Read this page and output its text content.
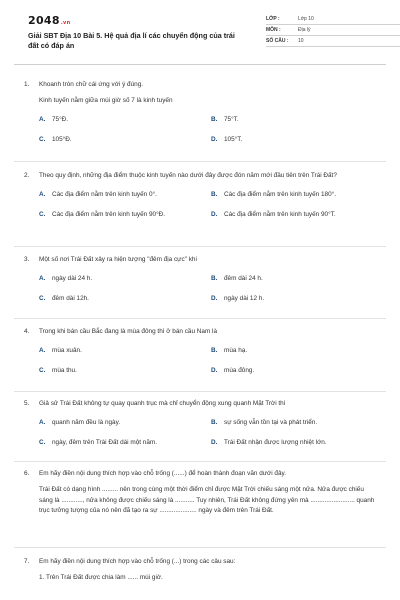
2048.vn
Giải SBT Địa 10 Bài 5. Hệ quả địa lí các chuyển động của trái đất có đáp án
LỚP :	Lớp 10
MÔN :	Địa lý
SỐ CÂU :	10
1.	Khoanh tròn chữ cái ứng với ý đúng.
Kinh tuyến nằm giữa múi giờ số 7 là kinh tuyến
A.	75°Đ.	B.	75°T.
C.	105°Đ.	D.	105°T.
2.	Theo quy định, những địa điểm thuộc kinh tuyến nào dưới đây được đón năm mới đầu tiên trên Trái Đất?
A.	Các địa điểm nằm trên kinh tuyến 0°.	B.	Các địa điểm nằm trên kinh tuyến 180°.
C.	Các địa điểm nằm trên kinh tuyến 90°Đ.	D.	Các địa điểm nằm trên kinh tuyến 90°T.
3.	Một số nơi Trái Đất xảy ra hiện tượng "đêm địa cực" khi
A.	ngày dài 24 h.	B.	đêm dài 24 h.
C.	đêm dài 12h.	D.	ngày dài 12 h.
4.	Trong khi bán cầu Bắc đang là mùa đông thì ở bán cầu Nam là
A.	mùa xuân.	B.	mùa hạ.
C.	mùa thu.	D.	mùa đông.
5.	Giả sử Trái Đất không tự quay quanh trục mà chỉ chuyển động xung quanh Mặt Trời thì
A.	quanh năm đều là ngày.	B.	sự sống vẫn tồn tại và phát triển.
C.	ngày, đêm trên Trái Đất dài một năm.	D.	Trái Đất nhận được lượng nhiệt lớn.
6.	Em hãy điền nội dung thích hợp vào chỗ trống (......) để hoàn thành đoạn văn dưới đây.
Trái Đất có dạng hình ......... nên trong cùng một thời điểm chỉ được Mặt Trời chiếu sáng một nửa. Nửa được chiếu sáng là ............, nửa không được chiếu sáng là ........... Tuy nhiên, Trái Đất không đứng yên mà ......................... quanh trục tưởng tượng của nó nên đã tạo ra sự ..................... ngày và đêm trên Trái Đất.
7.	Em hãy điền nội dung thích hợp vào chỗ trống (...) trong các câu sau:
1. Trên Trái Đất được chia làm ...... múi giờ.
